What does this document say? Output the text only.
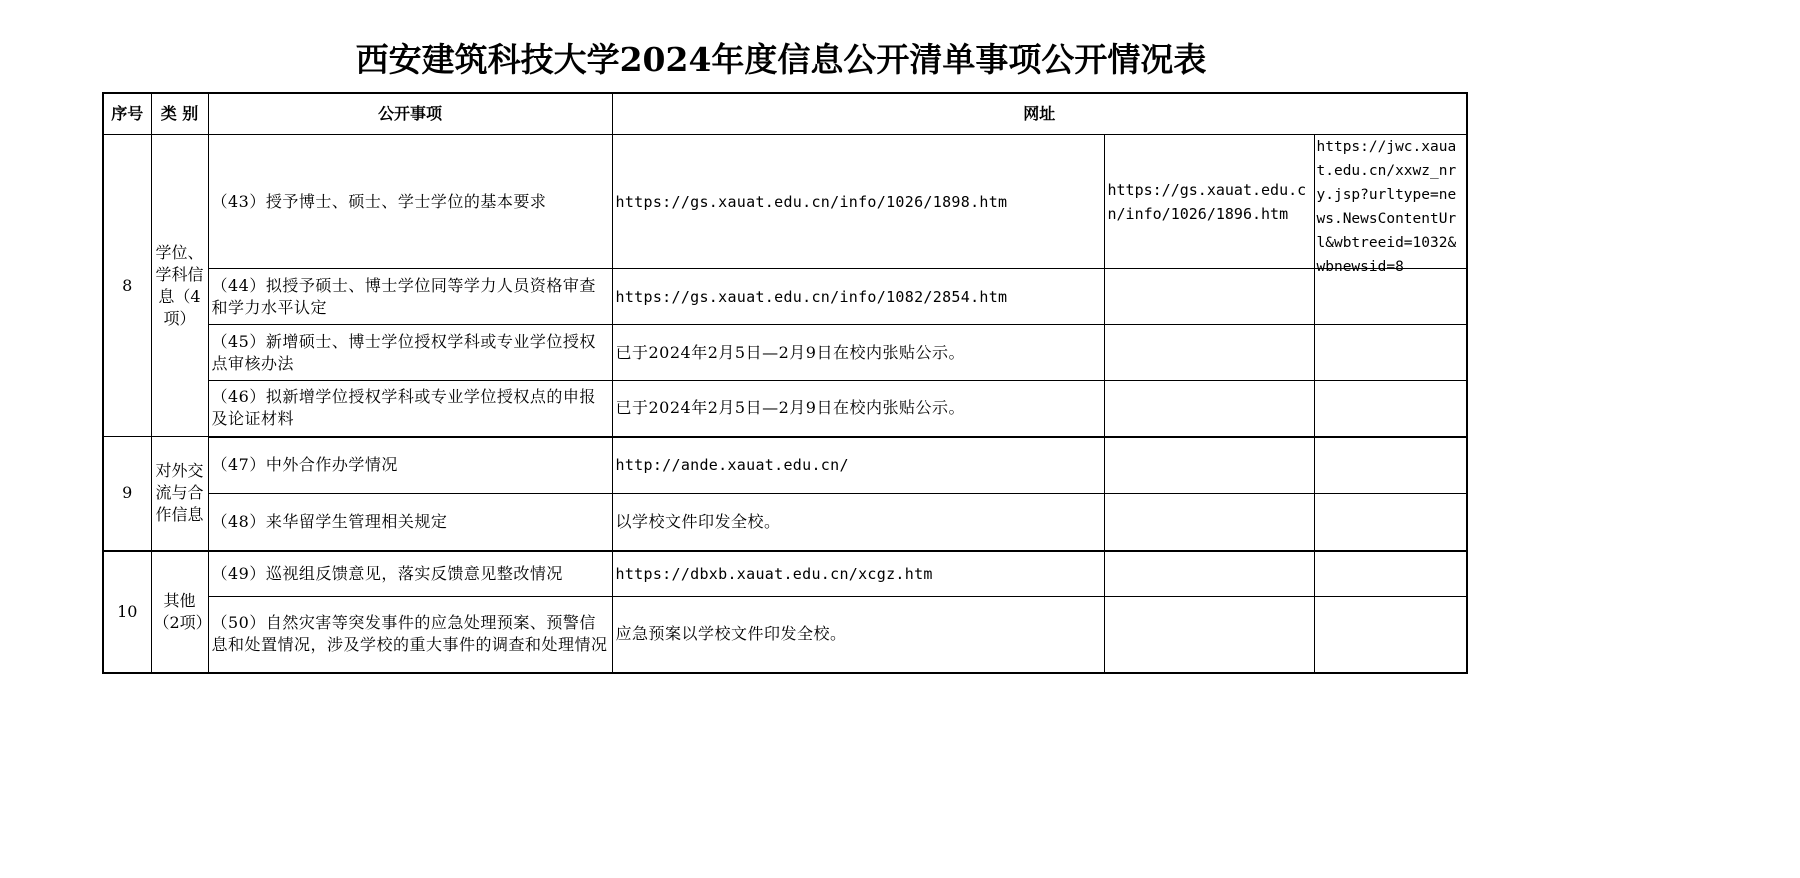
西安建筑科技大学2024年度信息公开清单事项公开情况表
序号	类 别	公开事项	网址		
8	学位、学科信息（4项）	（43）授予博士、硕士、学士学位的基本要求	https://gs.xauat.edu.cn/info/1026/1898.htm	https://gs.xauat.edu.cn/info/1026/1896.htm	https://jwc.xauat.edu.cn/xxwz_nry.jsp?urltype=news.NewsContentUrl&wbtreeid=1032&wbnewsid=8

		（44）拟授予硕士、博士学位同等学力人员资格审查和学力水平认定	https://gs.xauat.edu.cn/info/1082/2854.htm		
		（45）新增硕士、博士学位授权学科或专业学位授权点审核办法	已于2024年2月5日—2月9日在校内张贴公示。		
		（46）拟新增学位授权学科或专业学位授权点的申报及论证材料	已于2024年2月5日—2月9日在校内张贴公示。		
9	对外交流与合作信息	（47）中外合作办学情况	http://ande.xauat.edu.cn/		
		（48）来华留学生管理相关规定	以学校文件印发全校。		
10	其他（2项）	（49）巡视组反馈意见，落实反馈意见整改情况	https://dbxb.xauat.edu.cn/xcgz.htm		
		（50）自然灾害等突发事件的应急处理预案、预警信息和处置情况，涉及学校的重大事件的调查和处理情况	应急预案以学校文件印发全校。		
